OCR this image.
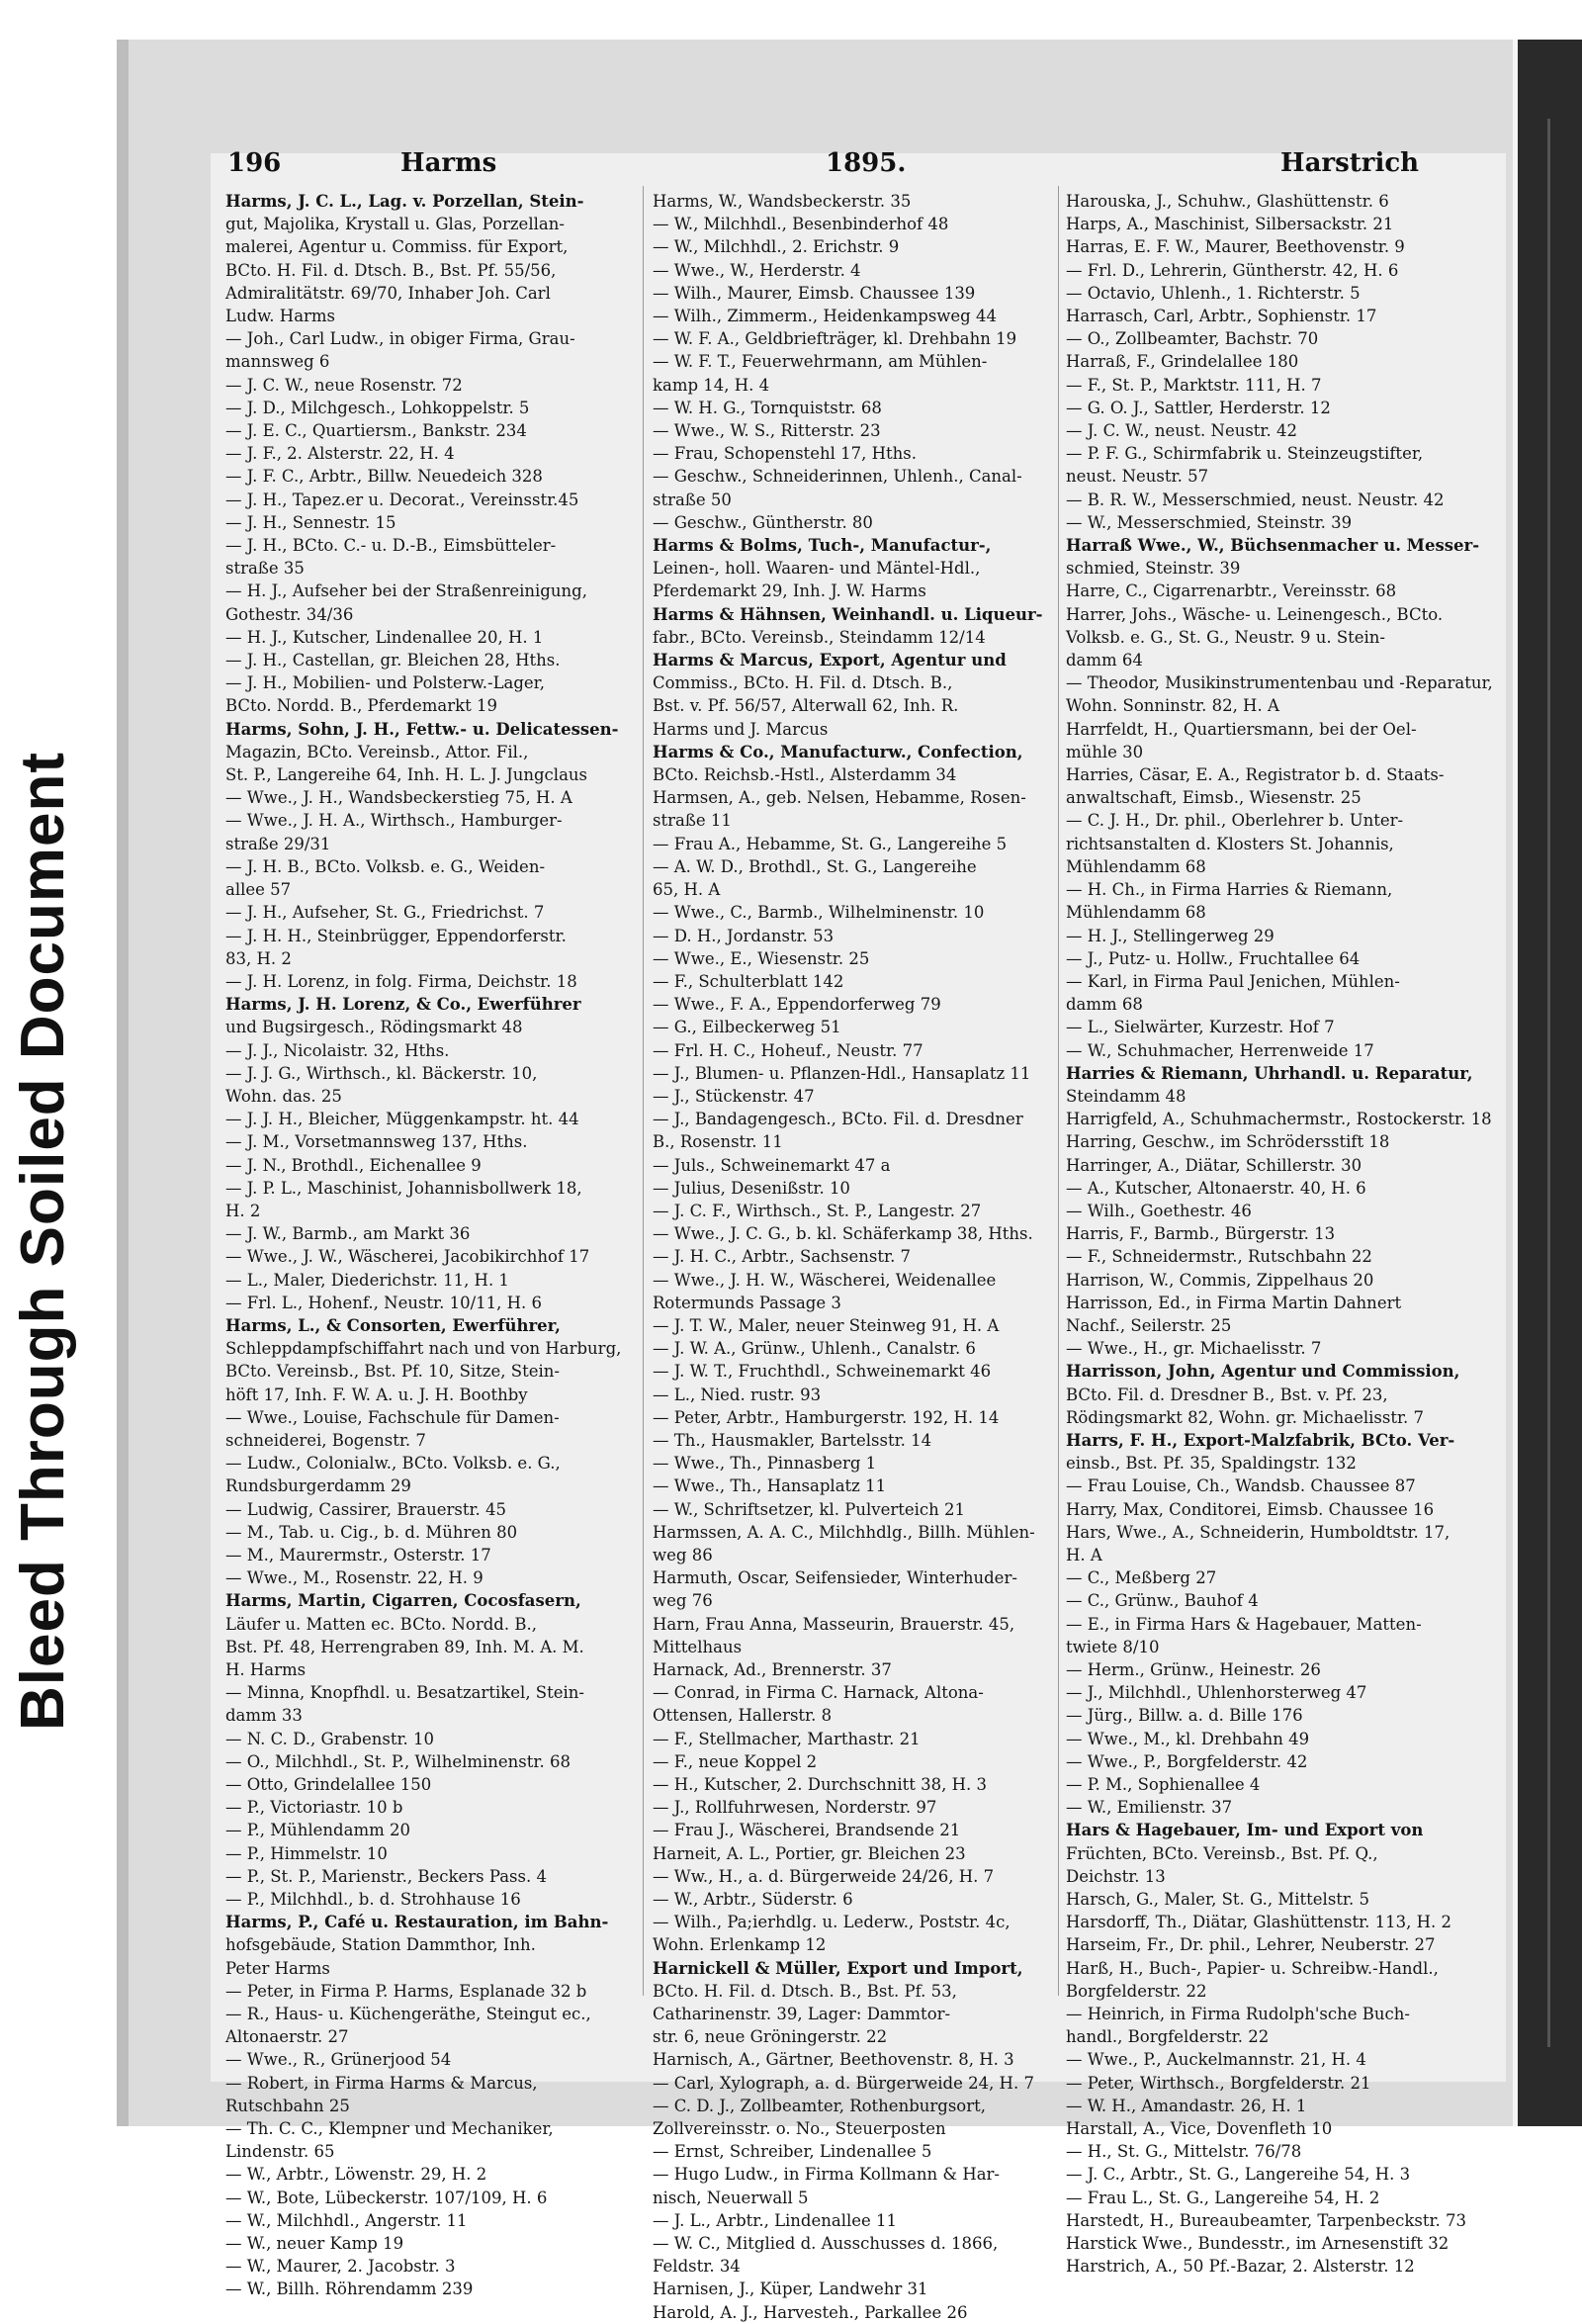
Bleed Through Soiled Document
196	Harms	1895.	Harstrich
Harms, J. C. L., Lag. v. Porzellan, Stein-
gut, Majolika, Krystall u. Glas, Porzellan-
malerei, Agentur u. Commiss. für Export,
BCto. H. Fil. d. Dtsch. B., Bst. Pf. 55/56,
Admiralitätstr. 69/70, Inhaber Joh. Carl
Ludw. Harms
— Joh., Carl Ludw., in obiger Firma, Grau-
mannsweg 6
— J. C. W., neue Rosenstr. 72
— J. D., Milchgesch., Lohkoppelstr. 5
— J. E. C., Quartiersm., Bankstr. 234
— J. F., 2. Alsterstr. 22, H. 4
— J. F. C., Arbtr., Billw. Neuedeich 328
— J. H., Tapez.er u. Decorat., Vereinsstr.45
— J. H., Sennestr. 15
— J. H., BCto. C.- u. D.-B., Eimsbütteler-
straße 35
— H. J., Aufseher bei der Straßenreinigung,
Gothestr. 34/36
— H. J., Kutscher, Lindenallee 20, H. 1
— J. H., Castellan, gr. Bleichen 28, Hths.
— J. H., Mobilien- und Polsterw.-Lager,
BCto. Nordd. B., Pferdemarkt 19
Harms, Sohn, J. H., Fettw.- u. Delicatessen-
Magazin, BCto. Vereinsb., Attor. Fil.,
St. P., Langereihe 64, Inh. H. L. J. Jungclaus
— Wwe., J. H., Wandsbeckerstieg 75, H. A
— Wwe., J. H. A., Wirthsch., Hamburger-
straße 29/31
— J. H. B., BCto. Volksb. e. G., Weiden-
allee 57
— J. H., Aufseher, St. G., Friedrichst. 7
— J. H. H., Steinbrügger, Eppendorferstr.
83, H. 2
— J. H. Lorenz, in folg. Firma, Deichstr. 18
Harms, J. H. Lorenz, & Co., Ewerführer
und Bugsirgesch., Rödingsmarkt 48
— J. J., Nicolaistr. 32, Hths.
— J. J. G., Wirthsch., kl. Bäckerstr. 10,
Wohn. das. 25
— J. J. H., Bleicher, Müggenkampstr. ht. 44
— J. M., Vorsetmannsweg 137, Hths.
— J. N., Brothdl., Eichenallee 9
— J. P. L., Maschinist, Johannisbollwerk 18,
H. 2
— J. W., Barmb., am Markt 36
— Wwe., J. W., Wäscherei, Jacobikirchhof 17
— L., Maler, Diederichstr. 11, H. 1
— Frl. L., Hohenf., Neustr. 10/11, H. 6
Harms, L., & Consorten, Ewerführer,
Schleppdampfschiffahrt nach und von Harburg,
BCto. Vereinsb., Bst. Pf. 10, Sitze, Stein-
höft 17, Inh. F. W. A. u. J. H. Boothby
— Wwe., Louise, Fachschule für Damen-
schneiderei, Bogenstr. 7
— Ludw., Colonialw., BCto. Volksb. e. G.,
Rundsburgerdamm 29
— Ludwig, Cassirer, Brauerstr. 45
— M., Tab. u. Cig., b. d. Mühren 80
— M., Maurermstr., Osterstr. 17
— Wwe., M., Rosenstr. 22, H. 9
Harms, Martin, Cigarren, Cocosfasern,
Läufer u. Matten ec. BCto. Nordd. B.,
Bst. Pf. 48, Herrengraben 89, Inh. M. A. M.
H. Harms
— Minna, Knopfhdl. u. Besatzartikel, Stein-
damm 33
— N. C. D., Grabenstr. 10
— O., Milchhdl., St. P., Wilhelminenstr. 68
— Otto, Grindelallee 150
— P., Victoriastr. 10 b
— P., Mühlendamm 20
— P., Himmelstr. 10
— P., St. P., Marienstr., Beckers Pass. 4
— P., Milchhdl., b. d. Strohhause 16
Harms, P., Café u. Restauration, im Bahn-
hofsgebäude, Station Dammthor, Inh.
Peter Harms
— Peter, in Firma P. Harms, Esplanade 32 b
— R., Haus- u. Küchengeräthe, Steingut ec.,
Altonaerstr. 27
— Wwe., R., Grünerjood 54
— Robert, in Firma Harms & Marcus,
Rutschbahn 25
— Th. C. C., Klempner und Mechaniker,
Lindenstr. 65
— W., Arbtr., Löwenstr. 29, H. 2
— W., Bote, Lübeckerstr. 107/109, H. 6
— W., Milchhdl., Angerstr. 11
— W., neuer Kamp 19
— W., Maurer, 2. Jacobstr. 3
— W., Billh. Röhrendamm 239
Harms, W., Wandsbeckerstr. 35
— W., Milchhdl., Besenbinderhof 48
— W., Milchhdl., 2. Erichstr. 9
— Wwe., W., Herderstr. 4
— Wilh., Maurer, Eimsb. Chaussee 139
— Wilh., Zimmerm., Heidenkampsweg 44
— W. F. A., Geldbriefträger, kl. Drehbahn 19
— W. F. T., Feuerwehrmann, am Mühlen-
kamp 14, H. 4
— W. H. G., Tornquiststr. 68
— Wwe., W. S., Ritterstr. 23
— Frau, Schopenstehl 17, Hths.
— Geschw., Schneiderinnen, Uhlenh., Canal-
straße 50
— Geschw., Güntherstr. 80
Harms & Bolms, Tuch-, Manufactur-,
Leinen-, holl. Waaren- und Mäntel-Hdl.,
Pferdemarkt 29, Inh. J. W. Harms
Harms & Hähnsen, Weinhandl. u. Liqueur-
fabr., BCto. Vereinsb., Steindamm 12/14
Harms & Marcus, Export, Agentur und
Commiss., BCto. H. Fil. d. Dtsch. B.,
Bst. v. Pf. 56/57, Alterwall 62, Inh. R.
Harms und J. Marcus
Harms & Co., Manufacturw., Confection,
BCto. Reichsb.-Hstl., Alsterdamm 34
Harmsen, A., geb. Nelsen, Hebamme, Rosen-
straße 11
— Frau A., Hebamme, St. G., Langereihe 5
— A. W. D., Brothdl., St. G., Langereihe
65, H. A
— Wwe., C., Barmb., Wilhelminenstr. 10
— D. H., Jordanstr. 53
— Wwe., E., Wiesenstr. 25
— F., Schulterblatt 142
— Wwe., F. A., Eppendorferweg 79
— G., Eilbeckerweg 51
— Frl. H. C., Hoheuf., Neustr. 77
— J., Blumen- u. Pflanzen-Hdl., Hansaplatz 11
— J., Stückenstr. 47
— J., Bandagengesch., BCto. Fil. d. Dresdner
B., Rosenstr. 11
— Juls., Schweinemarkt 47 a
— Julius, Desenißstr. 10
— J. C. F., Wirthsch., St. P., Langestr. 27
— Wwe., J. C. G., b. kl. Schäferkamp 38, Hths.
— J. H. C., Arbtr., Sachsenstr. 7
— Wwe., J. H. W., Wäscherei, Weidenallee
Rotermunds Passage 3
— J. T. W., Maler, neuer Steinweg 91, H. A
— J. W. A., Grünw., Uhlenh., Canalstr. 6
— J. W. T., Fruchthdl., Schweinemarkt 46
— L., Nied. rustr. 93
— Peter, Arbtr., Hamburgerstr. 192, H. 14
— Th., Hausmakler, Bartelsstr. 14
— Wwe., Th., Pinnasberg 1
— Wwe., Th., Hansaplatz 11
— W., Schriftsetzer, kl. Pulverteich 21
Harmssen, A. A. C., Milchhdlg., Billh. Mühlen-
weg 86
Harmuth, Oscar, Seifensieder, Winterhuder-
weg 76
Harn, Frau Anna, Masseurin, Brauerstr. 45,
Mittelhaus
Harnack, Ad., Brennerstr. 37
— Conrad, in Firma C. Harnack, Altona-
Ottensen, Hallerstr. 8
— F., Stellmacher, Marthastr. 21
— F., neue Koppel 2
— H., Kutscher, 2. Durchschnitt 38, H. 3
— J., Rollfuhrwesen, Norderstr. 97
— Frau J., Wäscherei, Brandsende 21
Harneit, A. L., Portier, gr. Bleichen 23
— Ww., H., a. d. Bürgerweide 24/26, H. 7
— W., Arbtr., Süderstr. 6
— Wilh., Pa;ierhdlg. u. Lederw., Poststr. 4c,
Wohn. Erlenkamp 12
Harnickell & Müller, Export und Import,
BCto. H. Fil. d. Dtsch. B., Bst. Pf. 53,
Catharinenstr. 39, Lager: Dammtor-
str. 6, neue Gröningerstr. 22
Harnisch, A., Gärtner, Beethovenstr. 8, H. 3
— Carl, Xylograph, a. d. Bürgerweide 24, H. 7
— C. D. J., Zollbeamter, Rothenburgsort,
Zollvereinsstr. o. No., Steuerposten
— Ernst, Schreiber, Lindenallee 5
— Hugo Ludw., in Firma Kollmann & Har-
nisch, Neuerwall 5
— J. L., Arbtr., Lindenallee 11
— W. C., Mitglied d. Ausschusses d. 1866,
Feldstr. 34
Harnisen, J., Küper, Landwehr 31
Harold, A. J., Harvesteh., Parkallee 26
Harouska, J., Schuhw., Glashüttenstr. 6
Harps, A., Maschinist, Silbersackstr. 21
Harras, E. F. W., Maurer, Beethovenstr. 9
— Frl. D., Lehrerin, Güntherstr. 42, H. 6
— Octavio, Uhlenh., 1. Richterstr. 5
Harrasch, Carl, Arbtr., Sophienstr. 17
— O., Zollbeamter, Bachstr. 70
Harraß, F., Grindelallee 180
— F., St. P., Marktstr. 111, H. 7
— G. O. J., Sattler, Herderstr. 12
— J. C. W., neust. Neustr. 42
— P. F. G., Schirmfabrik u. Steinzeugstifter,
neust. Neustr. 57
— B. R. W., Messerschmied, neust. Neustr. 42
— W., Messerschmied, Steinstr. 39
Harraß Wwe., W., Büchsenmacher u. Messer-
schmied, Steinstr. 39
Harre, C., Cigarrenarbtr., Vereinsstr. 68
Harrer, Johs., Wäsche- u. Leinengesch., BCto.
Volksb. e. G., St. G., Neustr. 9 u. Stein-
damm 64
— Theodor, Musikinstrumentenbau und -Reparatur,
Wohn. Sonninstr. 82, H. A
Harrfeldt, H., Quartiersmann, bei der Oel-
mühle 30
Harries, Cäsar, E. A., Registrator b. d. Staats-
anwaltschaft, Eimsb., Wiesenstr. 25
— C. J. H., Dr. phil., Oberlehrer b. Unter-
richtsanstalten d. Klosters St. Johannis,
Mühlendamm 68
— H. Ch., in Firma Harries & Riemann,
Mühlendamm 68
— H. J., Stellingerweg 29
— J., Putz- u. Hollw., Fruchtallee 64
— Karl, in Firma Paul Jenichen, Mühlen-
damm 68
— L., Sielwärter, Kurzestr. Hof 7
— W., Schuhmacher, Herrenweide 17
Harries & Riemann, Uhrhandl. u. Reparatur,
Steindamm 48
Harrigfeld, A., Schuhmachermstr., Rostockerstr. 18
Harring, Geschw., im Schrödersstift 18
Harringer, A., Diätar, Schillerstr. 30
— A., Kutscher, Altonaerstr. 40, H. 6
— Wilh., Goethestr. 46
Harris, F., Barmb., Bürgerstr. 13
— F., Schneidermstr., Rutschbahn 22
Harrison, W., Commis, Zippelhaus 20
Harrisson, Ed., in Firma Martin Dahnert
Nachf., Seilerstr. 25
— Wwe., H., gr. Michaelisstr. 7
Harrisson, John, Agentur und Commission,
BCto. Fil. d. Dresdner B., Bst. v. Pf. 23,
Rödingsmarkt 82, Wohn. gr. Michaelisstr. 7
Harrs, F. H., Export-Malzfabrik, BCto. Ver-
einsb., Bst. Pf. 35, Spaldingstr. 132
— Frau Louise, Ch., Wandsb. Chaussee 87
Harry, Max, Conditorei, Eimsb. Chaussee 16
Hars, Wwe., A., Schneiderin, Humboldtstr. 17,
H. A
— C., Meßberg 27
— C., Grünw., Bauhof 4
— E., in Firma Hars & Hagebauer, Matten-
twiete 8/10
— Herm., Grünw., Heinestr. 26
— J., Milchhdl., Uhlenhorsterweg 47
— Jürg., Billw. a. d. Bille 176
— Wwe., M., kl. Drehbahn 49
— Wwe., P., Borgfelderstr. 42
— P. M., Sophienallee 4
— W., Emilienstr. 37
Hars & Hagebauer, Im- und Export von
Früchten, BCto. Vereinsb., Bst. Pf. Q.,
Deichstr. 13
Harsch, G., Maler, St. G., Mittelstr. 5
Harsdorff, Th., Diätar, Glashüttenstr. 113, H. 2
Harseim, Fr., Dr. phil., Lehrer, Neuberstr. 27
Harß, H., Buch-, Papier- u. Schreibw.-Handl.,
Borgfelderstr. 22
— Heinrich, in Firma Rudolph'sche Buch-
handl., Borgfelderstr. 22
— Wwe., P., Auckelmannstr. 21, H. 4
— Peter, Wirthsch., Borgfelderstr. 21
— W. H., Amandastr. 26, H. 1
Harstall, A., Vice, Dovenfleth 10
— H., St. G., Mittelstr. 76/78
— J. C., Arbtr., St. G., Langereihe 54, H. 3
— Frau L., St. G., Langereihe 54, H. 2
Harstedt, H., Bureaubeamter, Tarpenbeckstr. 73
Harstick Wwe., Bundesstr., im Arnesenstift 32
Harstrich, A., 50 Pf.-Bazar, 2. Alsterstr. 12
